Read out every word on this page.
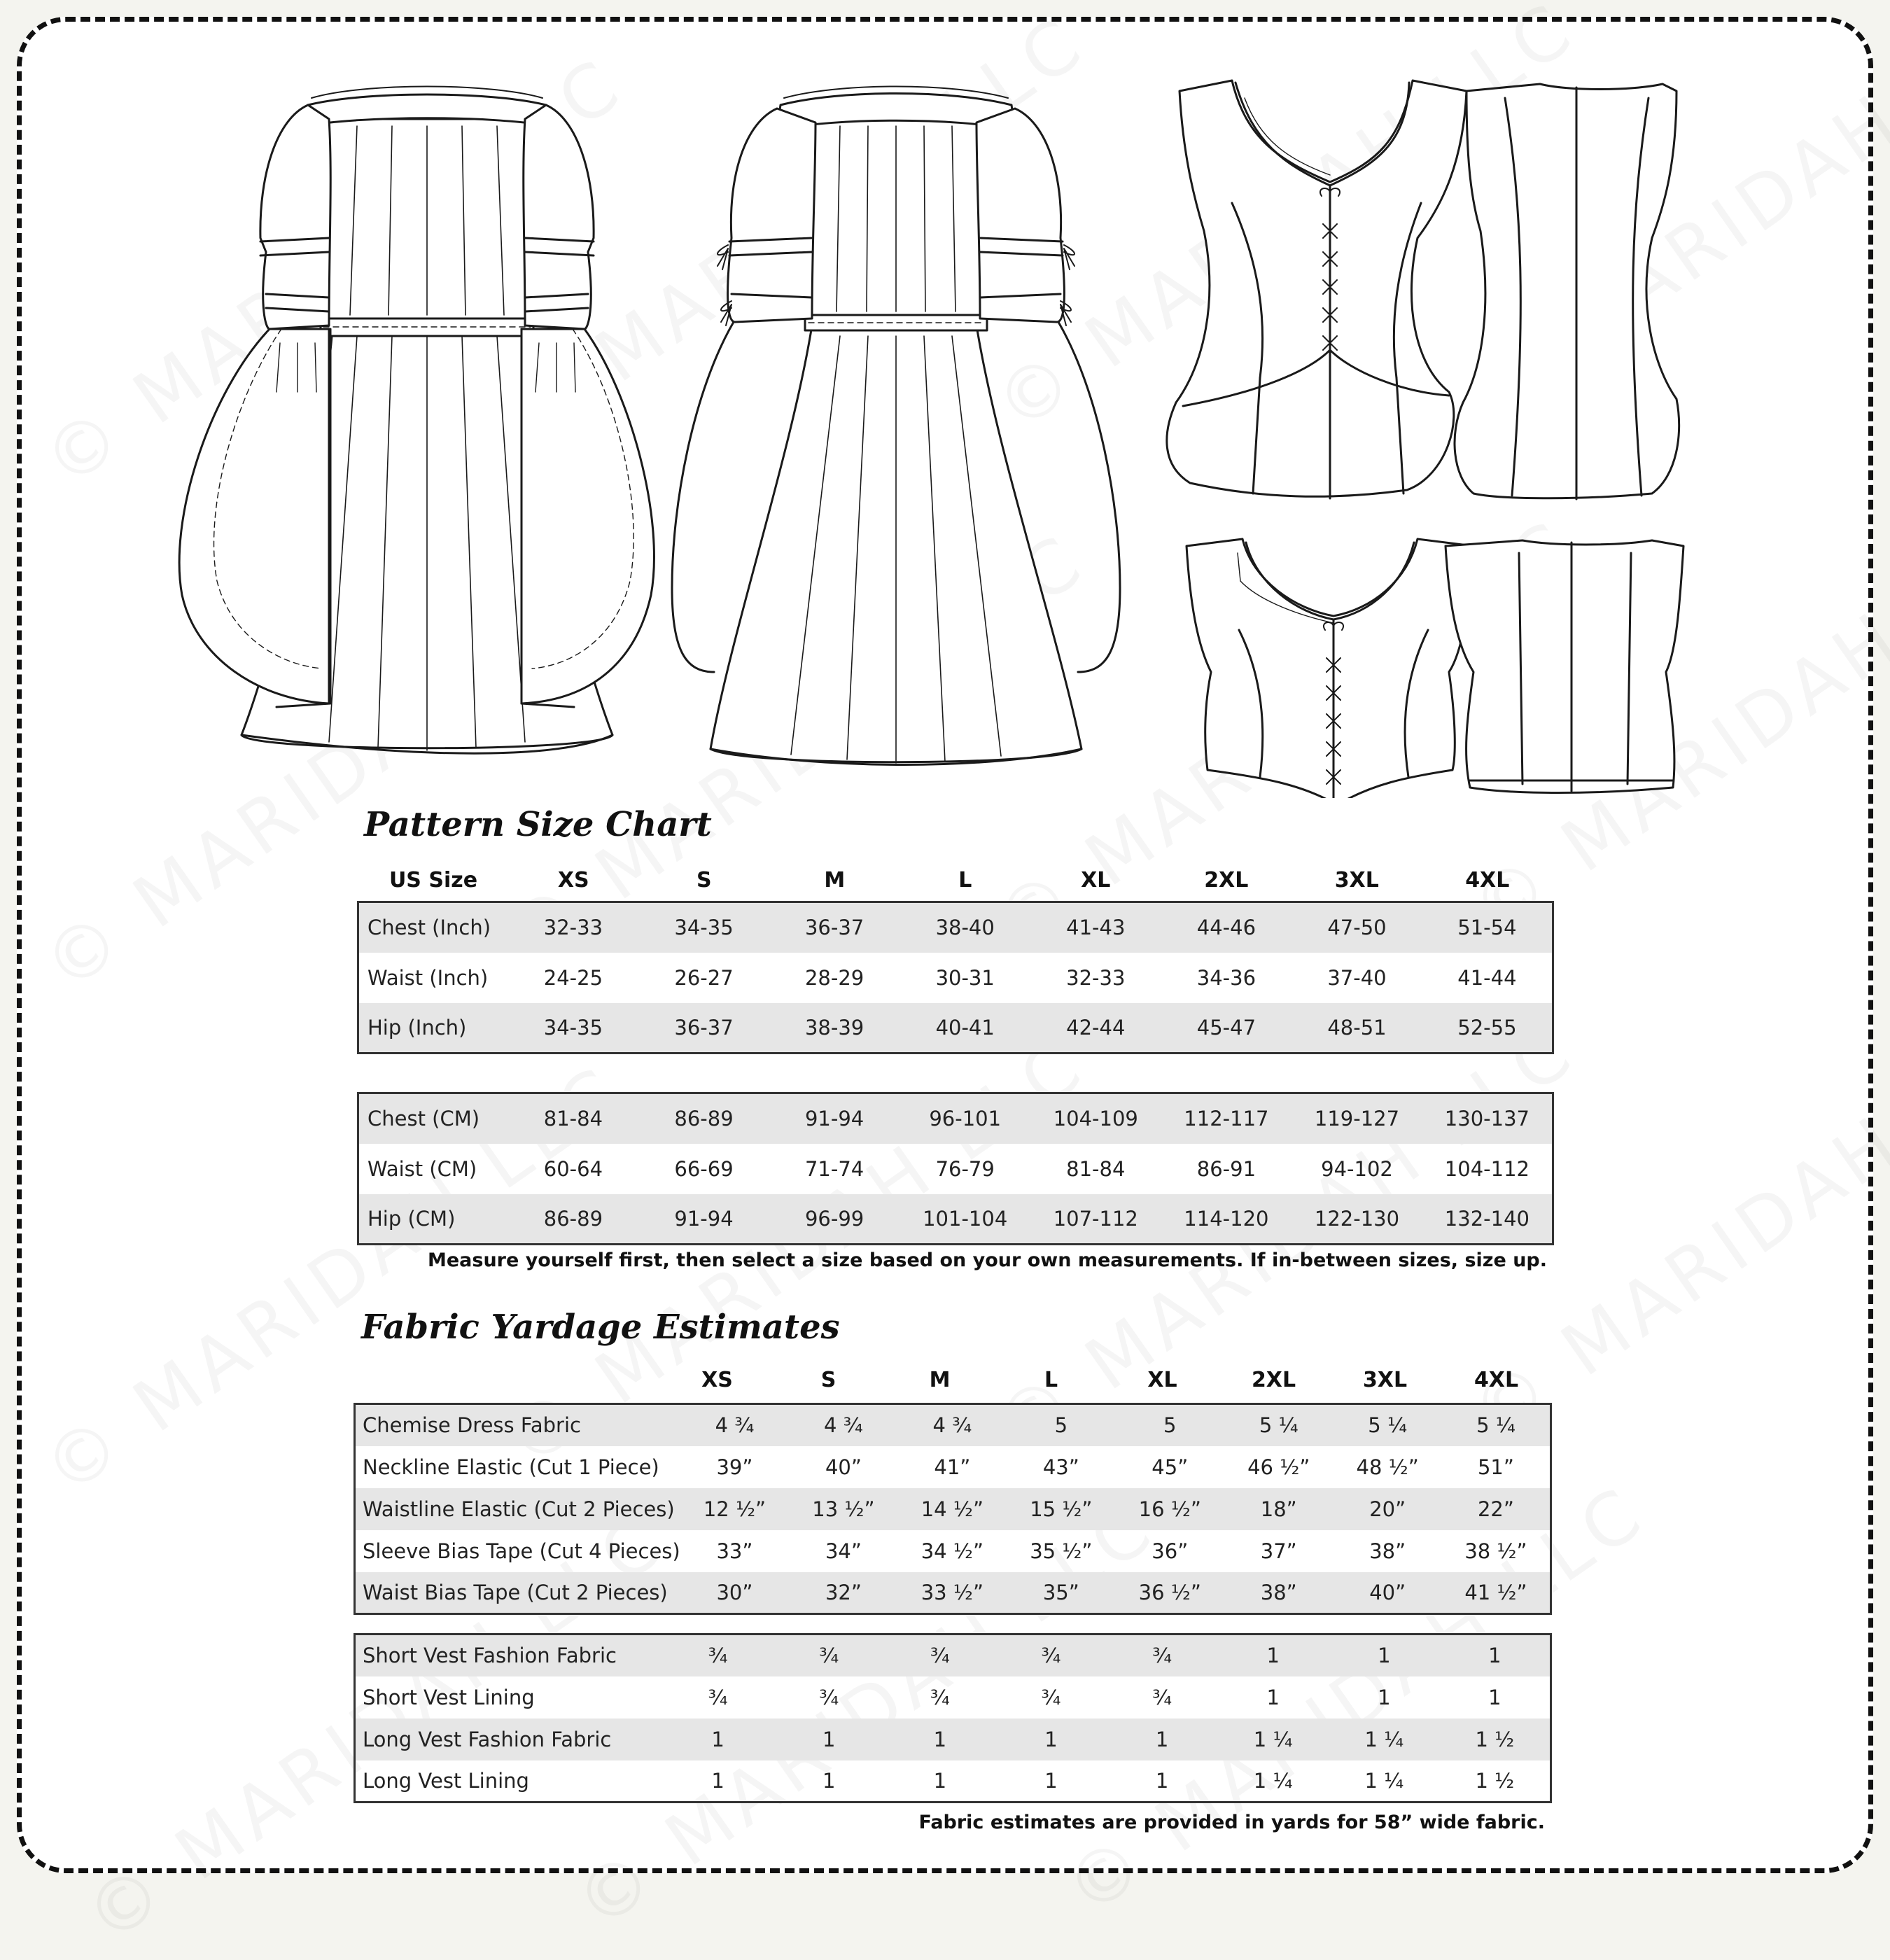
Pattern Size Chart
US Size	XS	S	M	L	XL	2XL	3XL	4XL
Chest (Inch)	32-33	34-35	36-37	38-40	41-43	44-46	47-50	51-54
Waist (Inch)	24-25	26-27	28-29	30-31	32-33	34-36	37-40	41-44
Hip (Inch)	34-35	36-37	38-39	40-41	42-44	45-47	48-51	52-55
Chest (CM)	81-84	86-89	91-94	96-101	104-109	112-117	119-127	130-137
Waist (CM)	60-64	66-69	71-74	76-79	81-84	86-91	94-102	104-112
Hip (CM)	86-89	91-94	96-99	101-104	107-112	114-120	122-130	132-140
Measure yourself first, then select a size based on your own measurements. If in-between sizes, size up.
Fabric Yardage Estimates
XS	S	M	L	XL	2XL	3XL	4XL
Chemise Dress Fabric	4 ¾	4 ¾	4 ¾	5	5	5 ¼	5 ¼	5 ¼
Neckline Elastic (Cut 1 Piece)	39”	40”	41”	43”	45”	46 ½”	48 ½”	51”
Waistline Elastic (Cut 2 Pieces)	12 ½”	13 ½”	14 ½”	15 ½”	16 ½”	18”	20”	22”
Sleeve Bias Tape (Cut 4 Pieces)	33”	34”	34 ½”	35 ½”	36”	37”	38”	38 ½”
Waist Bias Tape (Cut 2 Pieces)	30”	32”	33 ½”	35”	36 ½”	38”	40”	41 ½”
Short Vest Fashion Fabric	¾	¾	¾	¾	¾	1	1	1
Short Vest Lining	¾	¾	¾	¾	¾	1	1	1
Long Vest Fashion Fabric	1	1	1	1	1	1 ¼	1 ¼	1 ½
Long Vest Lining	1	1	1	1	1	1 ¼	1 ¼	1 ½
Fabric estimates are provided in yards for 58” wide fabric.
